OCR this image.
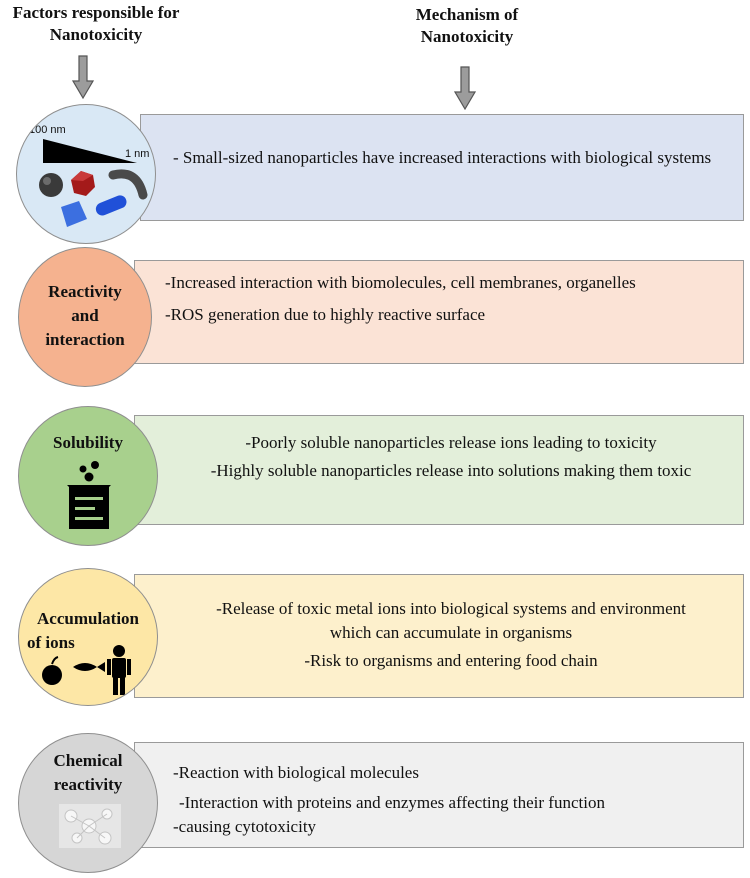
Factors responsible for
Nanotoxicity
Mechanism of
Nanotoxicity

- Small-sized nanoparticles have increased interactions with biological systems

100 nm
1 nm

-Increased interaction with biomolecules, cell membranes, organelles

-ROS generation due to highly reactive surface

Reactivity
and
interaction

-Poorly soluble nanoparticles release ions leading to toxicity

-Highly soluble nanoparticles release into solutions making them toxic

Solubility

-Release of toxic metal ions into biological systems and environment which can accumulate in organisms

-Risk to organisms and entering food chain

Accumulation
of ions

-Reaction with biological molecules

-Interaction with proteins and enzymes affecting their function

-causing cytotoxicity

Chemical
reactivity
